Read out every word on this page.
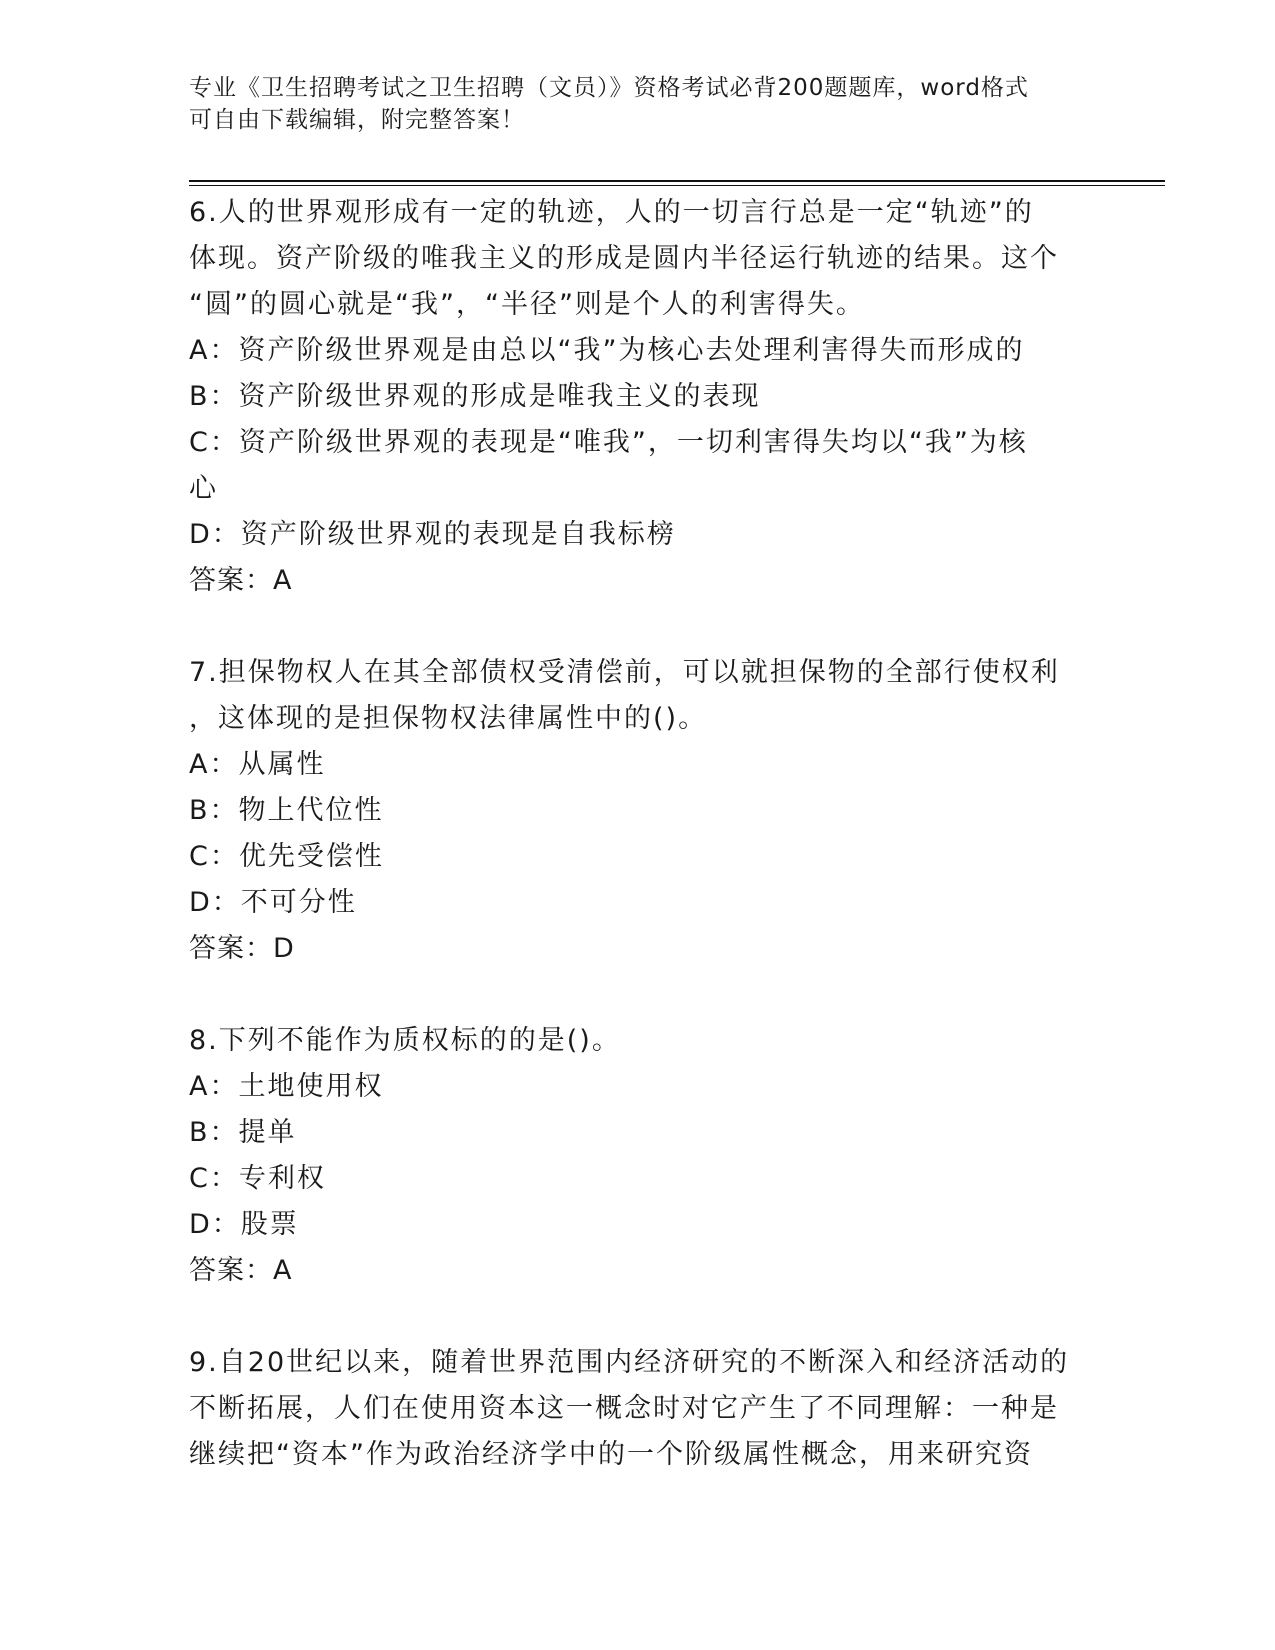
专业《卫生招聘考试之卫生招聘（文员）》资格考试必背200题题库，word格式
可自由下载编辑，附完整答案！
6.人的世界观形成有一定的轨迹，人的一切言行总是一定“轨迹”的
体现。资产阶级的唯我主义的形成是圆内半径运行轨迹的结果。这个
“圆”的圆心就是“我”，“半径”则是个人的利害得失。
A：资产阶级世界观是由总以“我”为核心去处理利害得失而形成的
B：资产阶级世界观的形成是唯我主义的表现
C：资产阶级世界观的表现是“唯我”，一切利害得失均以“我”为核
心
D：资产阶级世界观的表现是自我标榜
答案：A
7.担保物权人在其全部债权受清偿前，可以就担保物的全部行使权利
，这体现的是担保物权法律属性中的()。
A：从属性
B：物上代位性
C：优先受偿性
D：不可分性
答案：D
8.下列不能作为质权标的的是()。
A：土地使用权
B：提单
C：专利权
D：股票
答案：A
9.自20世纪以来，随着世界范围内经济研究的不断深入和经济活动的
不断拓展，人们在使用资本这一概念时对它产生了不同理解：一种是
继续把“资本”作为政治经济学中的一个阶级属性概念，用来研究资
